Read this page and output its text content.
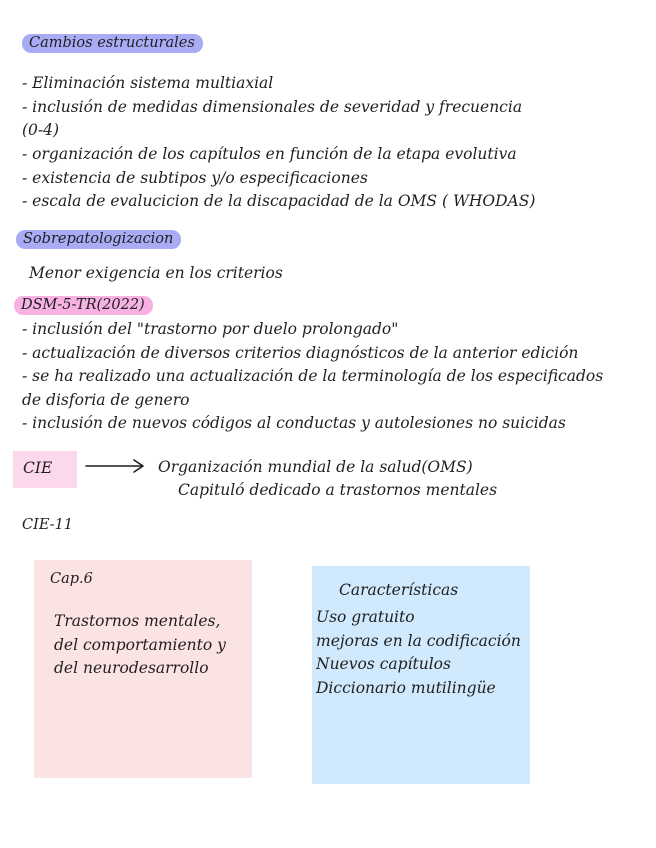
Cambios estructurales
- Eliminación sistema multiaxial
- inclusión de medidas dimensionales de severidad y frecuencia
(0-4)
- organización de los capítulos en función de la etapa evolutiva
- existencia de subtipos y/o especificaciones
- escala de evalucicion de la discapacidad de la OMS ( WHODAS)
Sobrepatologizacion
Menor exigencia en los criterios
DSM-5-TR(2022)
- inclusión del "trastorno por duelo prolongado"
- actualización de diversos criterios diagnósticos de la anterior edición
- se ha realizado una actualización de la terminología de los especificados
de disforia de genero
- inclusión de nuevos códigos al conductas y autolesiones no suicidas
CIE	Organización mundial de la salud(OMS)
Capitulό dedicado a trastornos mentales
CIE-11
Cap.6
Trastornos mentales,
del comportamiento y
del neurodesarrollo
Características
Uso gratuito
mejoras en la codificación
Nuevos capítulos
Diccionario mutilingüe
